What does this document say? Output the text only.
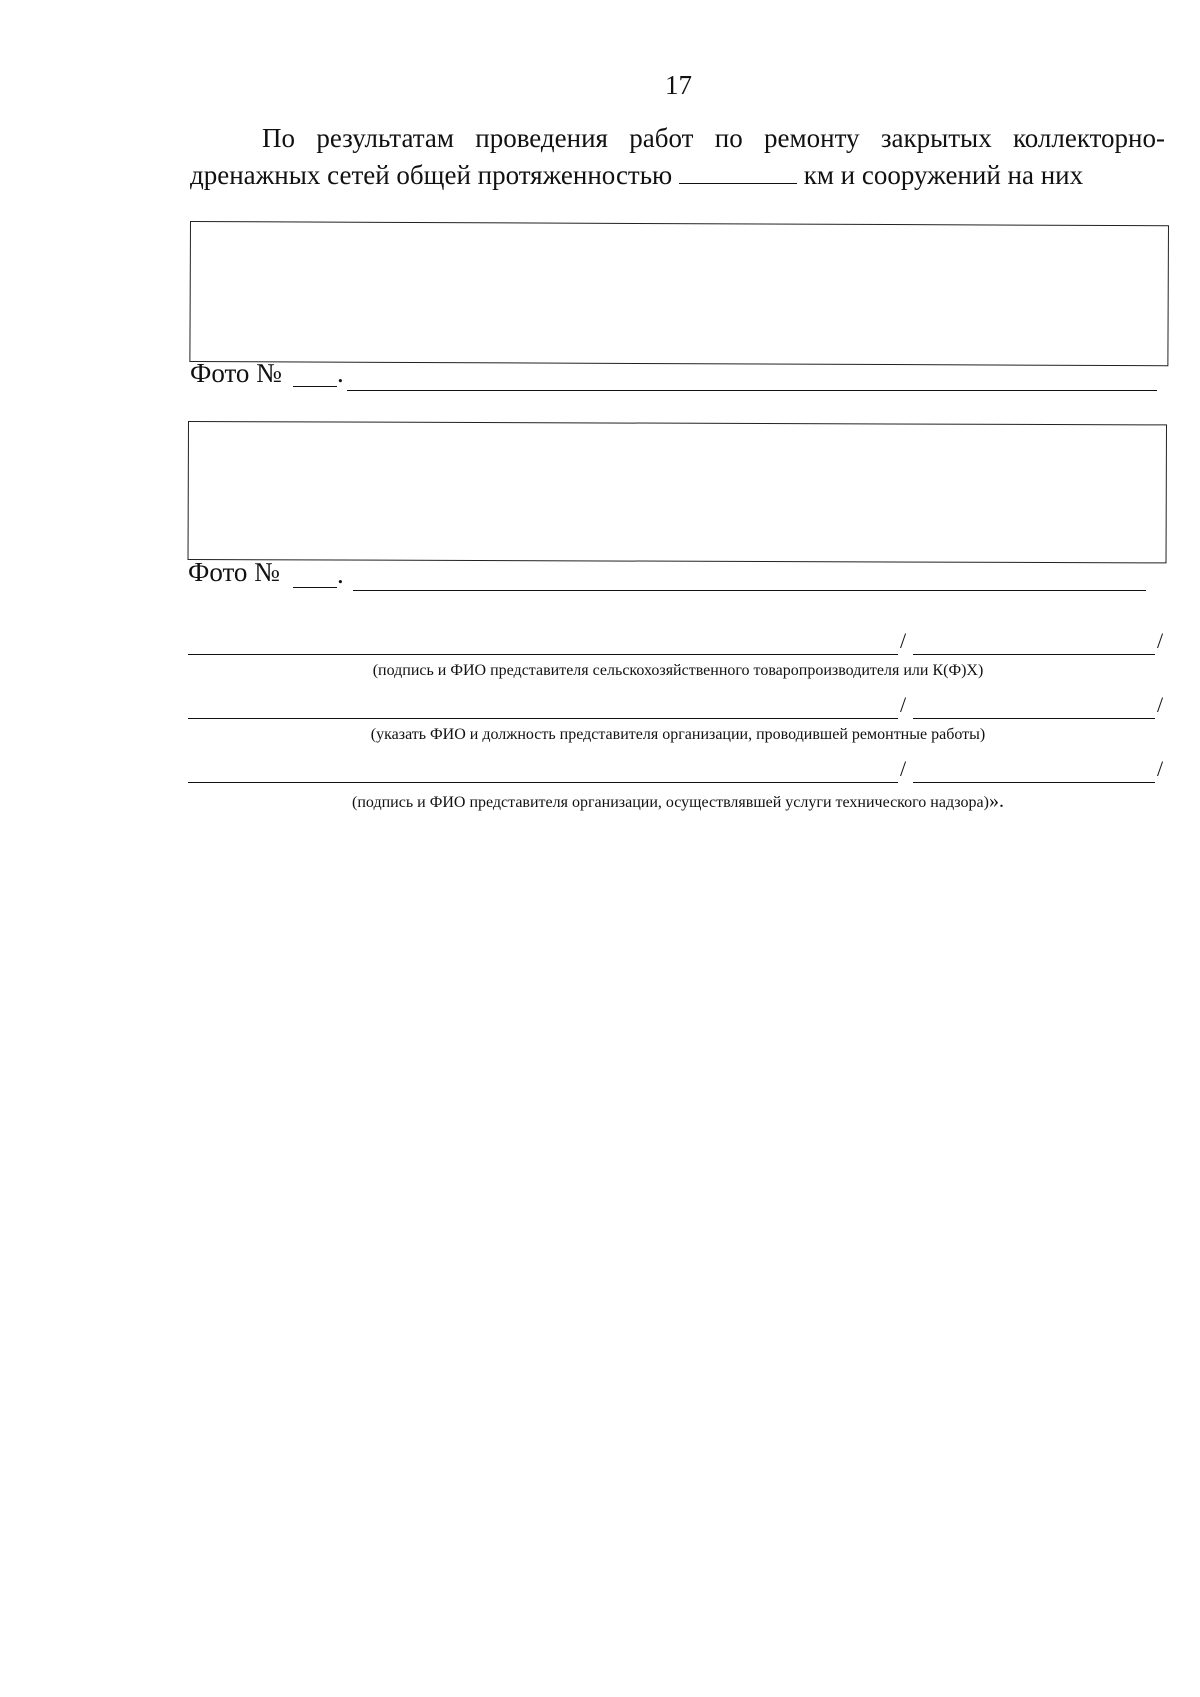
17
По результатам проведения работ по ремонту закрытых коллекторно-
дренажных сетей общей протяженностью	км и сооружений на них
Фото № .
Фото № .
/	/
(подпись и ФИО представителя сельскохозяйственного товаропроизводителя или К(Ф)Х)
/	/
(указать ФИО и должность представителя организации, проводившей ремонтные работы)
/	/
(подпись и ФИО представителя организации, осуществлявшей услуги технического надзора)».
